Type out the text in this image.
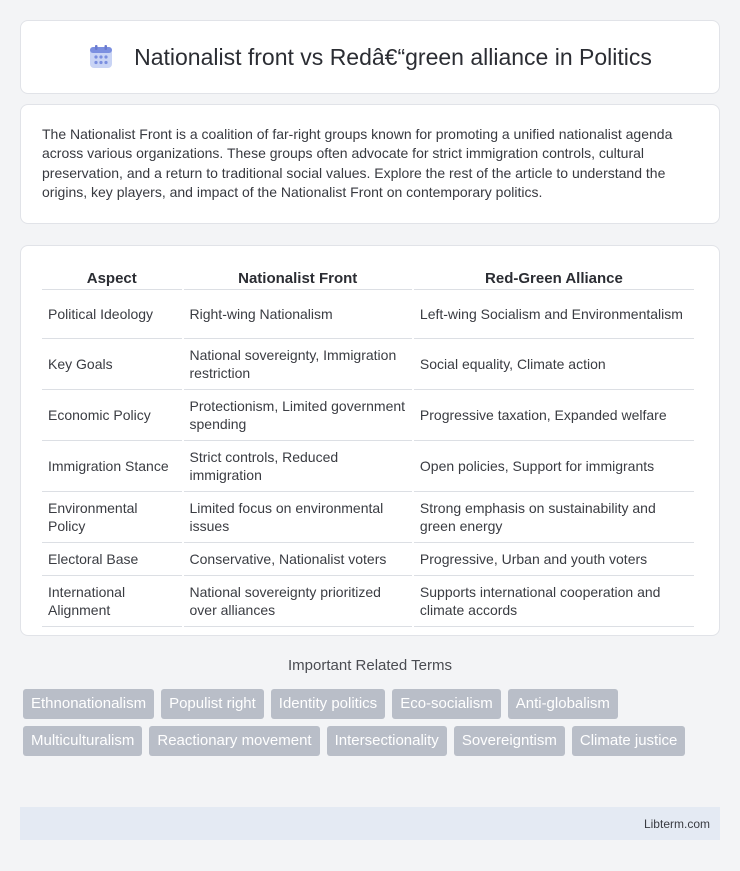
Nationalist front vs Redâ€“green alliance in Politics

The Nationalist Front is a coalition of far-right groups known for promoting a unified nationalist agenda across various organizations. These groups often advocate for strict immigration controls, cultural preservation, and a return to traditional social values. Explore the rest of the article to understand the origins, key players, and impact of the Nationalist Front on contemporary politics.

Aspect	Nationalist Front	Red-Green Alliance
Political Ideology	Right-wing Nationalism	Left-wing Socialism and Environmentalism
Key Goals	National sovereignty, Immigration restriction	Social equality, Climate action
Economic Policy	Protectionism, Limited government spending	Progressive taxation, Expanded welfare
Immigration Stance	Strict controls, Reduced immigration	Open policies, Support for immigrants
Environmental Policy	Limited focus on environmental issues	Strong emphasis on sustainability and green energy
Electoral Base	Conservative, Nationalist voters	Progressive, Urban and youth voters
International Alignment	National sovereignty prioritized over alliances	Supports international cooperation and climate accords
Important Related Terms
Ethnonationalism	Populist right	Identity politics	Eco-socialism	Anti-globalism
Multiculturalism	Reactionary movement	Intersectionality	Sovereigntism	Climate justice
Libterm.com
